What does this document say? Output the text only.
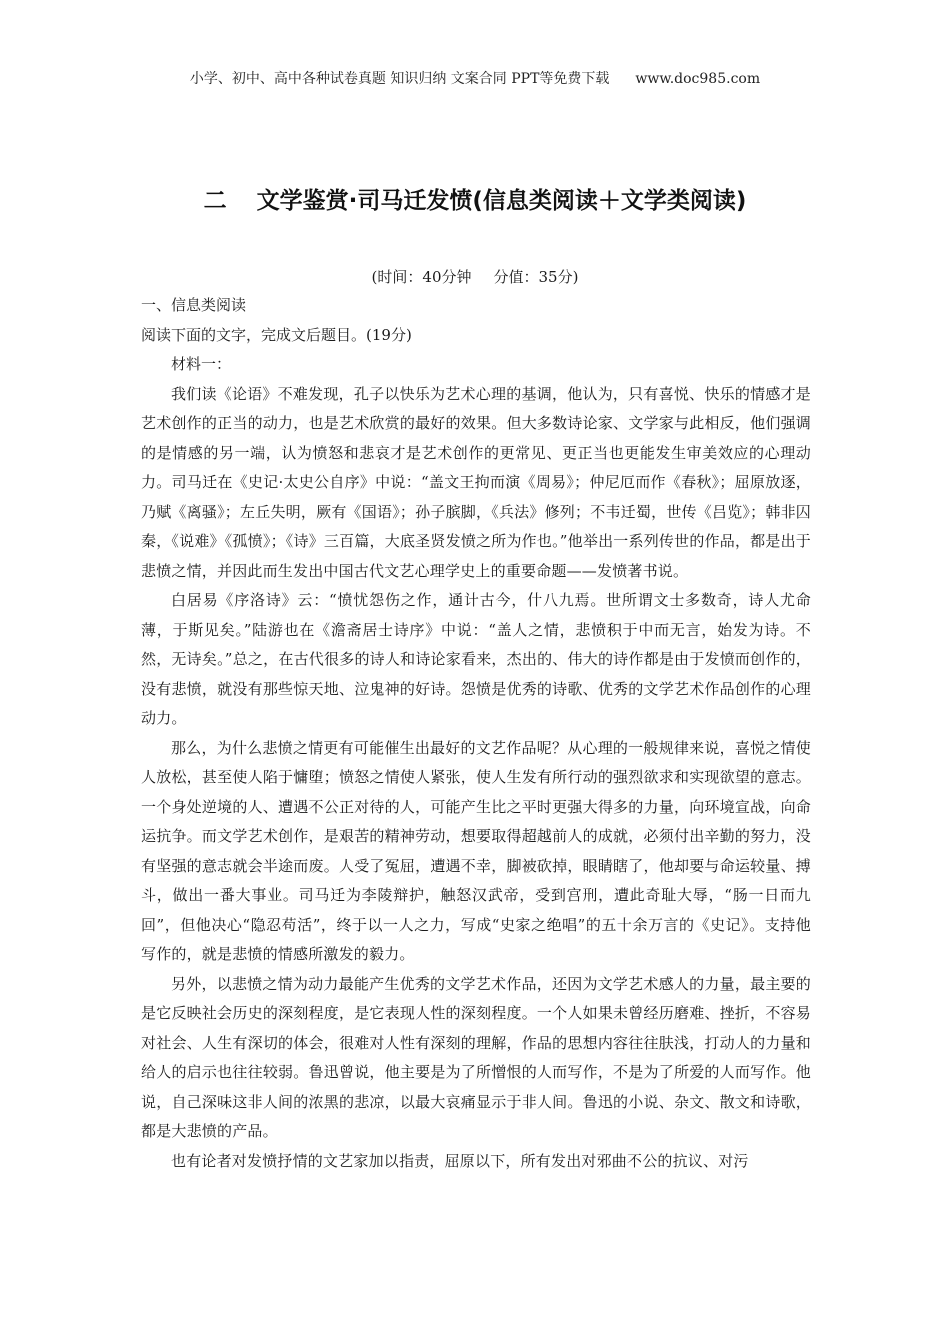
小学、初中、高中各种试卷真题 知识归纳 文案合同 PPT等免费下载 www.doc985.com
二 文学鉴赏·司马迁发愤(信息类阅读＋文学类阅读)
(时间：40分钟 分值：35分)
一、信息类阅读
阅读下面的文字，完成文后题目。(19分)
材料一：

我们读《论语》不难发现，孔子以快乐为艺术心理的基调，他认为，只有喜悦、快乐的情感才是艺术创作的正当的动力，也是艺术欣赏的最好的效果。但大多数诗论家、文学家与此相反，他们强调的是情感的另一端，认为愤怒和悲哀才是艺术创作的更常见、更正当也更能发生审美效应的心理动力。司马迁在《史记·太史公自序》中说：“盖文王拘而演《周易》；仲尼厄而作《春秋》；屈原放逐，乃赋《离骚》；左丘失明，厥有《国语》；孙子膑脚，《兵法》修列；不韦迁蜀，世传《吕览》；韩非囚秦，《说难》《孤愤》；《诗》三百篇，大底圣贤发愤之所为作也。”他举出一系列传世的作品，都是出于悲愤之情，并因此而生发出中国古代文艺心理学史上的重要命题——发愤著书说。

白居易《序洛诗》云：“愤忧怨伤之作，通计古今，什八九焉。世所谓文士多数奇，诗人尤命薄，于斯见矣。”陆游也在《澹斋居士诗序》中说：“盖人之情，悲愤积于中而无言，始发为诗。不然，无诗矣。”总之，在古代很多的诗人和诗论家看来，杰出的、伟大的诗作都是由于发愤而创作的，没有悲愤，就没有那些惊天地、泣鬼神的好诗。怨愤是优秀的诗歌、优秀的文学艺术作品创作的心理动力。

那么，为什么悲愤之情更有可能催生出最好的文艺作品呢？从心理的一般规律来说，喜悦之情使人放松，甚至使人陷于慵堕；愤怒之情使人紧张，使人生发有所行动的强烈欲求和实现欲望的意志。一个身处逆境的人、遭遇不公正对待的人，可能产生比之平时更强大得多的力量，向环境宣战，向命运抗争。而文学艺术创作，是艰苦的精神劳动，想要取得超越前人的成就，必须付出辛勤的努力，没有坚强的意志就会半途而废。人受了冤屈，遭遇不幸，脚被砍掉，眼睛瞎了，他却要与命运较量、搏斗，做出一番大事业。司马迁为李陵辩护，触怒汉武帝，受到宫刑，遭此奇耻大辱，“肠一日而九回”，但他决心“隐忍苟活”，终于以一人之力，写成“史家之绝唱”的五十余万言的《史记》。支持他写作的，就是悲愤的情感所激发的毅力。

另外，以悲愤之情为动力最能产生优秀的文学艺术作品，还因为文学艺术感人的力量，最主要的是它反映社会历史的深刻程度，是它表现人性的深刻程度。一个人如果未曾经历磨难、挫折，不容易对社会、人生有深切的体会，很难对人性有深刻的理解，作品的思想内容往往肤浅，打动人的力量和给人的启示也往往较弱。鲁迅曾说，他主要是为了所憎恨的人而写作，不是为了所爱的人而写作。他说，自己深味这非人间的浓黑的悲凉，以最大哀痛显示于非人间。鲁迅的小说、杂文、散文和诗歌，都是大悲愤的产品。

也有论者对发愤抒情的文艺家加以指责，屈原以下，所有发出对邪曲不公的抗议、对污
